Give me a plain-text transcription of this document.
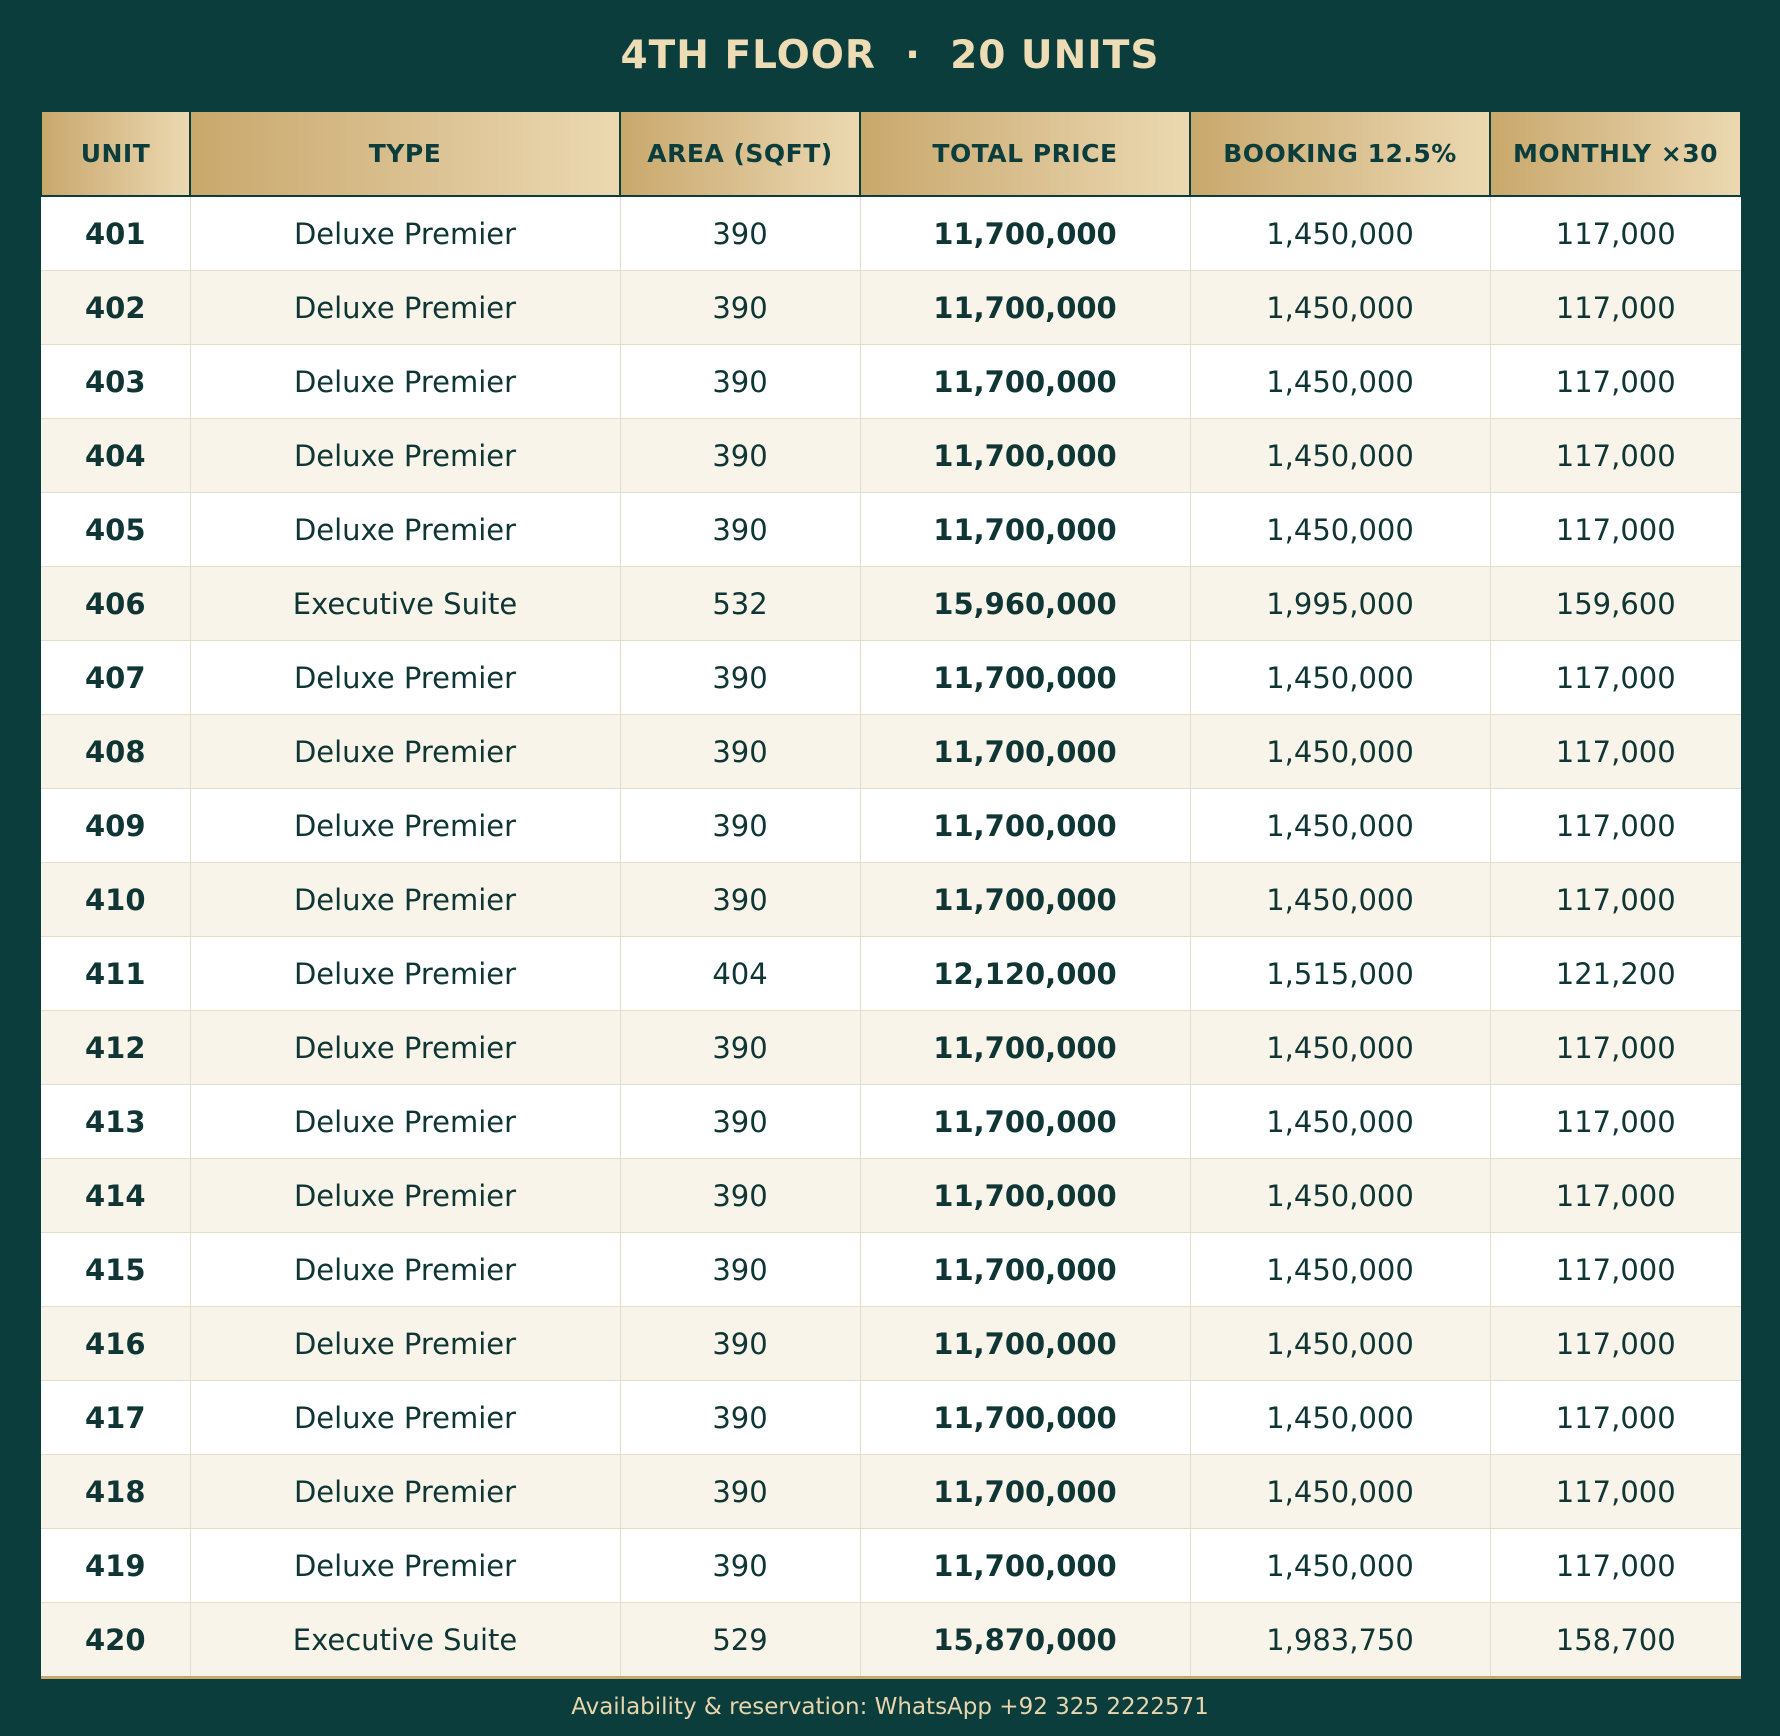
4TH FLOOR  ·  20 UNITS
UNIT	TYPE	AREA (SQFT)	TOTAL PRICE	BOOKING 12.5%	MONTHLY ×30
401	Deluxe Premier	390	11,700,000	1,450,000	117,000
402	Deluxe Premier	390	11,700,000	1,450,000	117,000
403	Deluxe Premier	390	11,700,000	1,450,000	117,000
404	Deluxe Premier	390	11,700,000	1,450,000	117,000
405	Deluxe Premier	390	11,700,000	1,450,000	117,000
406	Executive Suite	532	15,960,000	1,995,000	159,600
407	Deluxe Premier	390	11,700,000	1,450,000	117,000
408	Deluxe Premier	390	11,700,000	1,450,000	117,000
409	Deluxe Premier	390	11,700,000	1,450,000	117,000
410	Deluxe Premier	390	11,700,000	1,450,000	117,000
411	Deluxe Premier	404	12,120,000	1,515,000	121,200
412	Deluxe Premier	390	11,700,000	1,450,000	117,000
413	Deluxe Premier	390	11,700,000	1,450,000	117,000
414	Deluxe Premier	390	11,700,000	1,450,000	117,000
415	Deluxe Premier	390	11,700,000	1,450,000	117,000
416	Deluxe Premier	390	11,700,000	1,450,000	117,000
417	Deluxe Premier	390	11,700,000	1,450,000	117,000
418	Deluxe Premier	390	11,700,000	1,450,000	117,000
419	Deluxe Premier	390	11,700,000	1,450,000	117,000
420	Executive Suite	529	15,870,000	1,983,750	158,700
Availability & reservation: WhatsApp +92 325 2222571
